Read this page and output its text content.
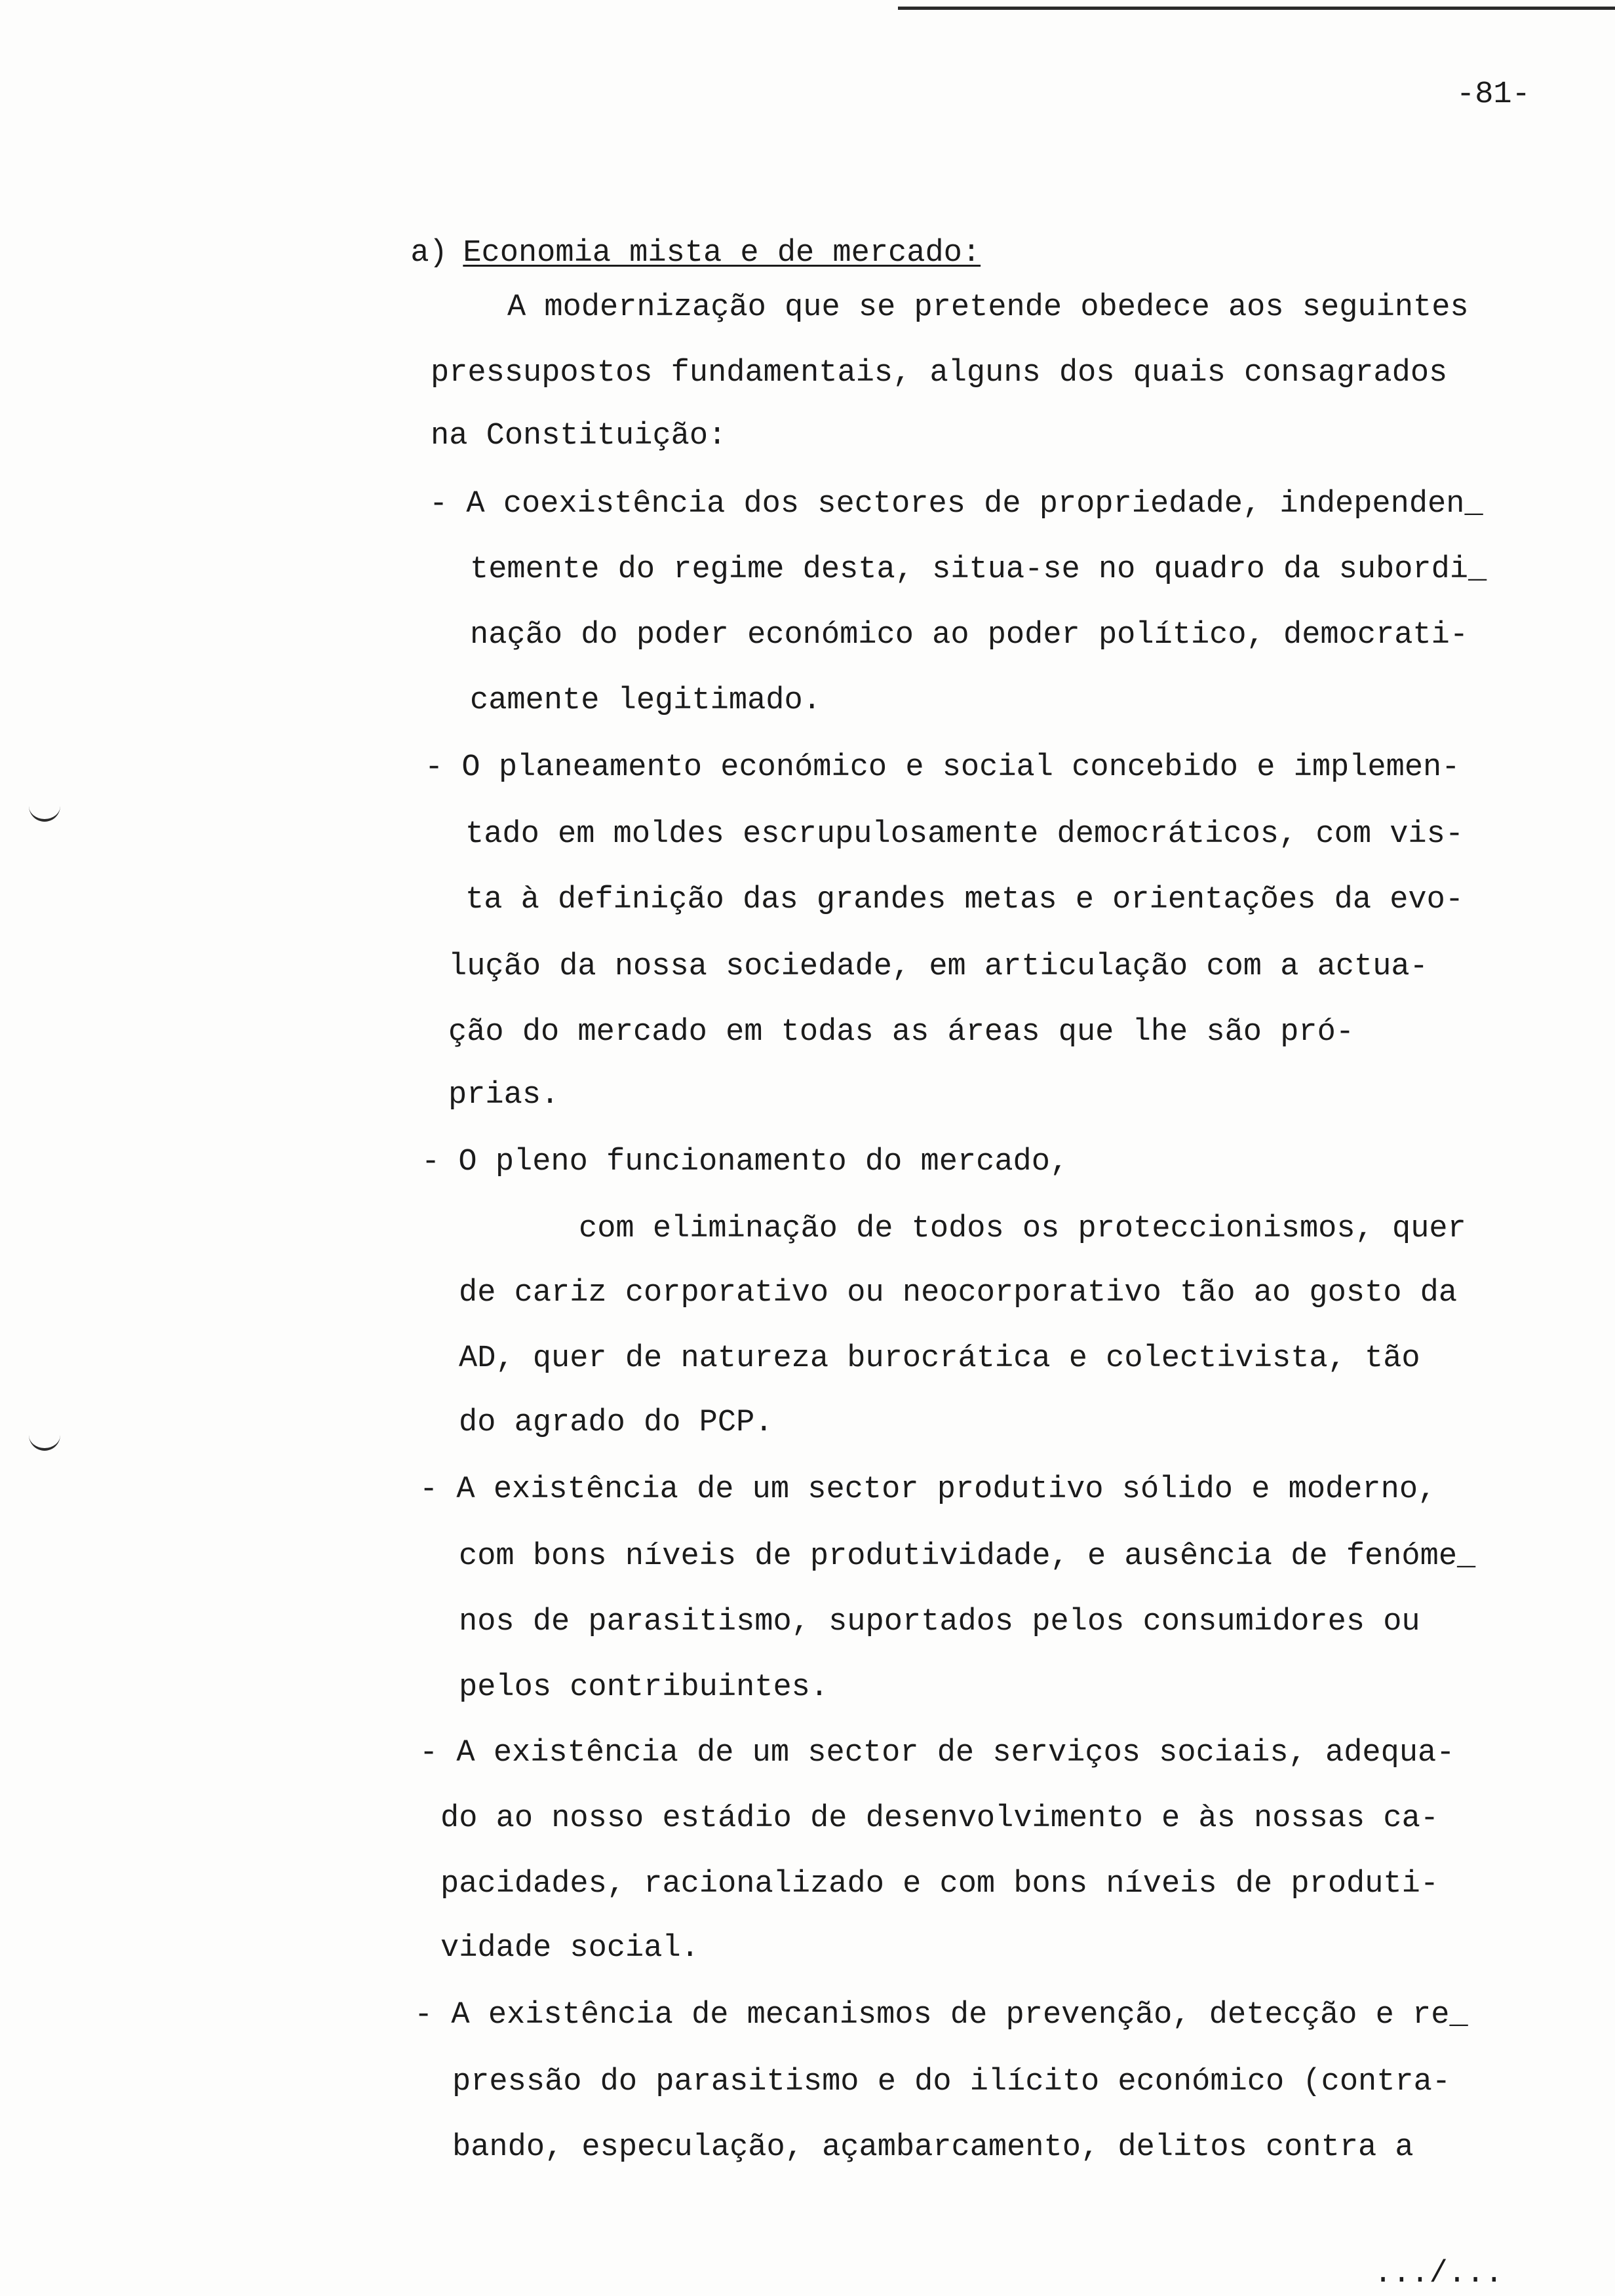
-81-

a) Economia mista e de mercado:

A modernização que se pretende obedece aos seguintes
pressupostos fundamentais, alguns dos quais consagrados
na Constituição:
- A coexistência dos sectores de propriedade, independen_
temente do regime desta, situa-se no quadro da subordi_
nação do poder económico ao poder político, democrati-
camente legitimado.
- O planeamento económico e social concebido e implemen-
tado em moldes escrupulosamente democráticos, com vis-
ta à definição das grandes metas e orientações da evo-
lução da nossa sociedade, em articulação com a actua-
ção do mercado em todas as áreas que lhe são pró-
prias.
- O pleno funcionamento do mercado,
com eliminação de todos os proteccionismos, quer
de cariz corporativo ou neocorporativo tão ao gosto da
AD, quer de natureza burocrática e colectivista, tão
do agrado do PCP.
- A existência de um sector produtivo sólido e moderno,
com bons níveis de produtividade, e ausência de fenóme_
nos de parasitismo, suportados pelos consumidores ou
pelos contribuintes.
- A existência de um sector de serviços sociais, adequa-
do ao nosso estádio de desenvolvimento e às nossas ca-
pacidades, racionalizado e com bons níveis de produti-
vidade social.
- A existência de mecanismos de prevenção, detecção e re_
pressão do parasitismo e do ilícito económico (contra-
bando, especulação, açambarcamento, delitos contra a
.../...
